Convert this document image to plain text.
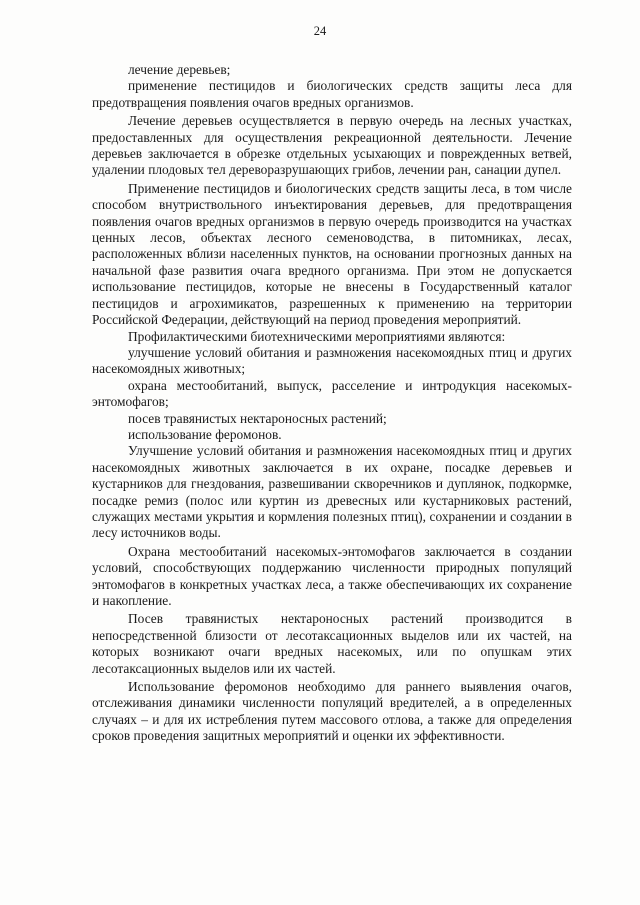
24

лечение деревьев;

применение пестицидов и биологических средств защиты леса для предотвращения появления очагов вредных организмов.

Лечение деревьев осуществляется в первую очередь на лесных участках, предоставленных для осуществления рекреационной деятельности. Лечение деревьев заключается в обрезке отдельных усыхающих и поврежденных ветвей, удалении плодовых тел дереворазрушающих грибов, лечении ран, санации дупел.

Применение пестицидов и биологических средств защиты леса, в том числе способом внутриствольного инъектирования деревьев, для предотвращения появления очагов вредных организмов в первую очередь производится на участках ценных лесов, объектах лесного семеноводства, в питомниках, лесах, расположенных вблизи населенных пунктов, на основании прогнозных данных на начальной фазе развития очага вредного организма. При этом не допускается использование пестицидов, которые не внесены в Государственный каталог пестицидов и агрохимикатов, разрешенных к применению на территории Российской Федерации, действующий на период проведения мероприятий.

Профилактическими биотехническими мероприятиями являются:

улучшение условий обитания и размножения насекомоядных птиц и других насекомоядных животных;

охрана местообитаний, выпуск, расселение и интродукция насекомых-энтомофагов;

посев травянистых нектароносных растений;

использование феромонов.

Улучшение условий обитания и размножения насекомоядных птиц и других насекомоядных животных заключается в их охране, посадке деревьев и кустарников для гнездования, развешивании скворечников и дуплянок, подкормке, посадке ремиз (полос или куртин из древесных или кустарниковых растений, служащих местами укрытия и кормления полезных птиц), сохранении и создании в лесу источников воды.

Охрана местообитаний насекомых-энтомофагов заключается в создании условий, способствующих поддержанию численности природных популяций энтомофагов в конкретных участках леса, а также обеспечивающих их сохранение и накопление.

Посев травянистых нектароносных растений производится в непосредственной близости от лесотаксационных выделов или их частей, на которых возникают очаги вредных насекомых, или по опушкам этих лесотаксационных выделов или их частей.

Использование феромонов необходимо для раннего выявления очагов, отслеживания динамики численности популяций вредителей, а в определенных случаях – и для их истребления путем массового отлова, а также для определения сроков проведения защитных мероприятий и оценки их эффективности.
